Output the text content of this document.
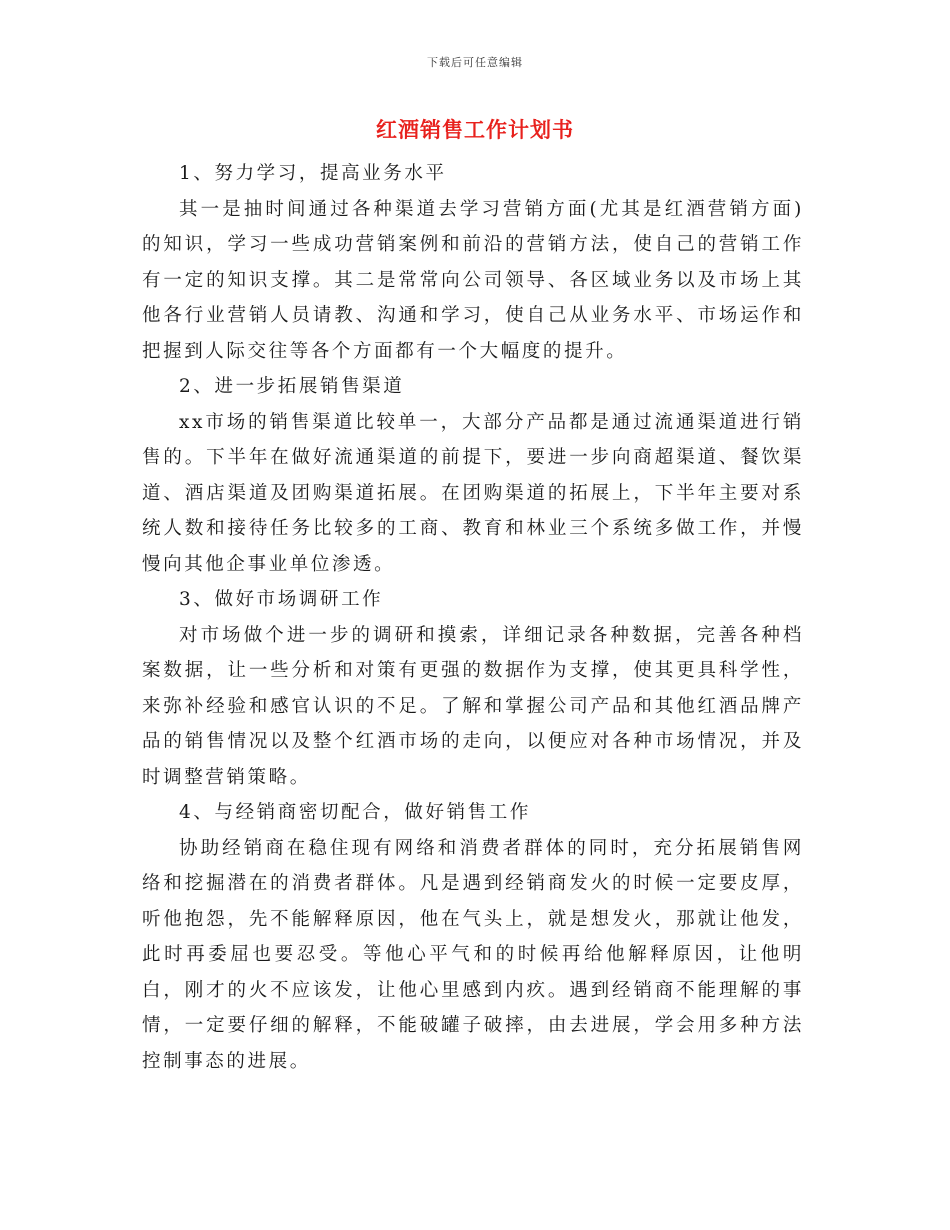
下载后可任意编辑
红酒销售工作计划书

1、努力学习，提高业务水平

其一是抽时间通过各种渠道去学习营销方面(尤其是红酒营销方面)的知识，学习一些成功营销案例和前沿的营销方法，使自己的营销工作有一定的知识支撑。其二是常常向公司领导、各区域业务以及市场上其他各行业营销人员请教、沟通和学习，使自己从业务水平、市场运作和把握到人际交往等各个方面都有一个大幅度的提升。

2、进一步拓展销售渠道

xx市场的销售渠道比较单一，大部分产品都是通过流通渠道进行销售的。下半年在做好流通渠道的前提下，要进一步向商超渠道、餐饮渠道、酒店渠道及团购渠道拓展。在团购渠道的拓展上，下半年主要对系统人数和接待任务比较多的工商、教育和林业三个系统多做工作，并慢慢向其他企事业单位渗透。

3、做好市场调研工作

对市场做个进一步的调研和摸索，详细记录各种数据，完善各种档案数据，让一些分析和对策有更强的数据作为支撑，使其更具科学性，来弥补经验和感官认识的不足。了解和掌握公司产品和其他红酒品牌产品的销售情况以及整个红酒市场的走向，以便应对各种市场情况，并及时调整营销策略。

4、与经销商密切配合，做好销售工作

协助经销商在稳住现有网络和消费者群体的同时，充分拓展销售网络和挖掘潜在的消费者群体。凡是遇到经销商发火的时候一定要皮厚，听他抱怨，先不能解释原因，他在气头上，就是想发火，那就让他发，此时再委屈也要忍受。等他心平气和的时候再给他解释原因，让他明白，刚才的火不应该发，让他心里感到内疚。遇到经销商不能理解的事情，一定要仔细的解释，不能破罐子破摔，由去进展，学会用多种方法控制事态的进展。
